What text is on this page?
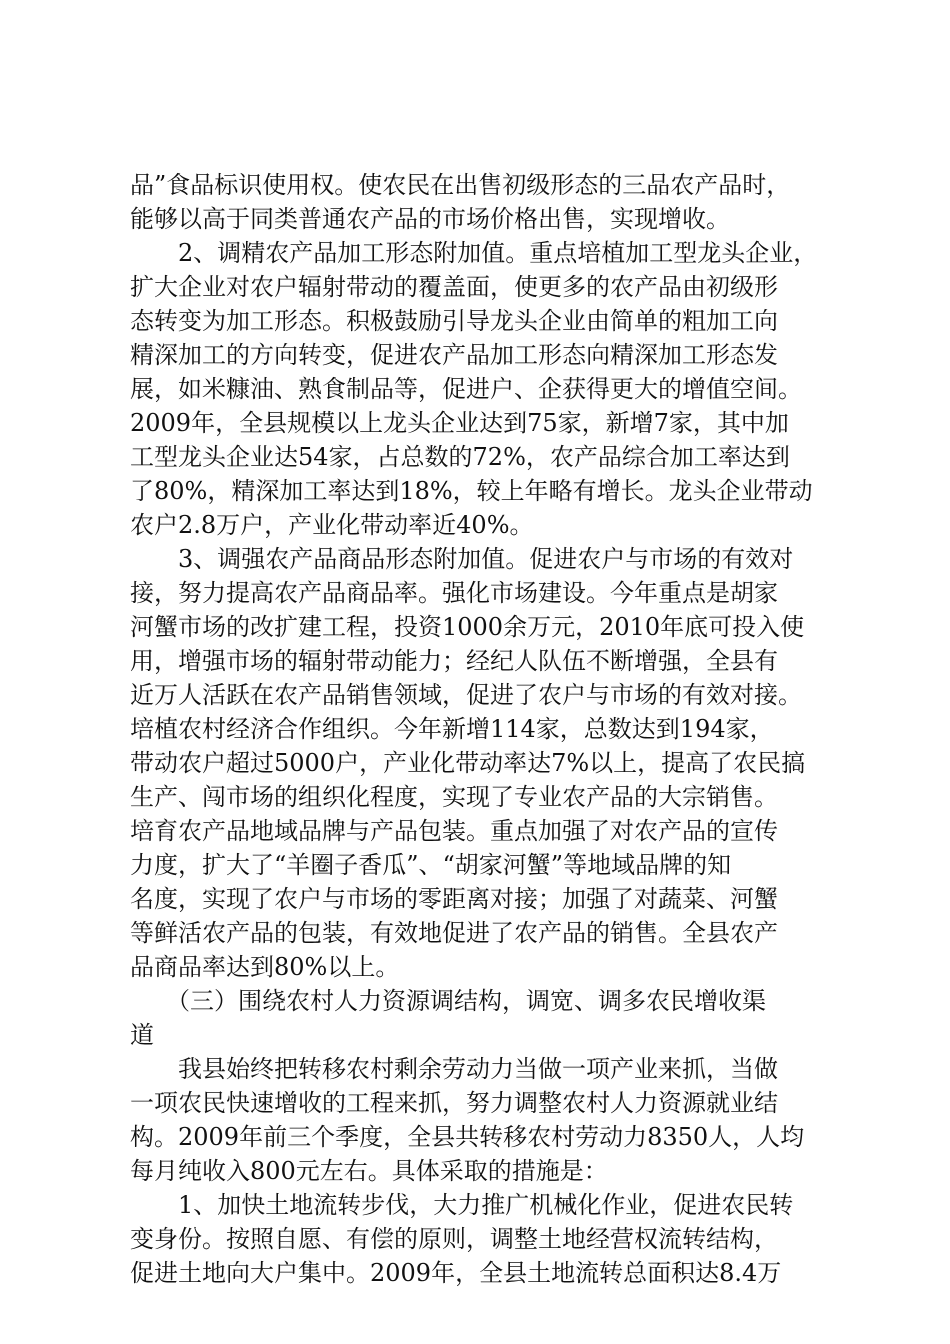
品”食品标识使用权。使农民在出售初级形态的三品农产品时，
能够以高于同类普通农产品的市场价格出售，实现增收。
　　2、调精农产品加工形态附加值。重点培植加工型龙头企业，
扩大企业对农户辐射带动的覆盖面，使更多的农产品由初级形
态转变为加工形态。积极鼓励引导龙头企业由简单的粗加工向
精深加工的方向转变，促进农产品加工形态向精深加工形态发
展，如米糠油、熟食制品等，促进户、企获得更大的增值空间。
2009年，全县规模以上龙头企业达到75家，新增7家，其中加
工型龙头企业达54家，占总数的72%，农产品综合加工率达到
了80%，精深加工率达到18%，较上年略有增长。龙头企业带动
农户2.8万户，产业化带动率近40%。
　　3、调强农产品商品形态附加值。促进农户与市场的有效对
接，努力提高农产品商品率。强化市场建设。今年重点是胡家
河蟹市场的改扩建工程，投资1000余万元，2010年底可投入使
用，增强市场的辐射带动能力；经纪人队伍不断增强，全县有
近万人活跃在农产品销售领域，促进了农户与市场的有效对接。
培植农村经济合作组织。今年新增114家，总数达到194家，
带动农户超过5000户，产业化带动率达7%以上，提高了农民搞
生产、闯市场的组织化程度，实现了专业农产品的大宗销售。
培育农产品地域品牌与产品包装。重点加强了对农产品的宣传
力度，扩大了“羊圈子香瓜”、“胡家河蟹”等地域品牌的知
名度，实现了农户与市场的零距离对接；加强了对蔬菜、河蟹
等鲜活农产品的包装，有效地促进了农产品的销售。全县农产
品商品率达到80%以上。
　　（三）围绕农村人力资源调结构，调宽、调多农民增收渠
道
　　我县始终把转移农村剩余劳动力当做一项产业来抓，当做
一项农民快速增收的工程来抓，努力调整农村人力资源就业结
构。2009年前三个季度，全县共转移农村劳动力8350人，人均
每月纯收入800元左右。具体采取的措施是：
　　1、加快土地流转步伐，大力推广机械化作业，促进农民转
变身份。按照自愿、有偿的原则，调整土地经营权流转结构，
促进土地向大户集中。2009年，全县土地流转总面积达8.4万
